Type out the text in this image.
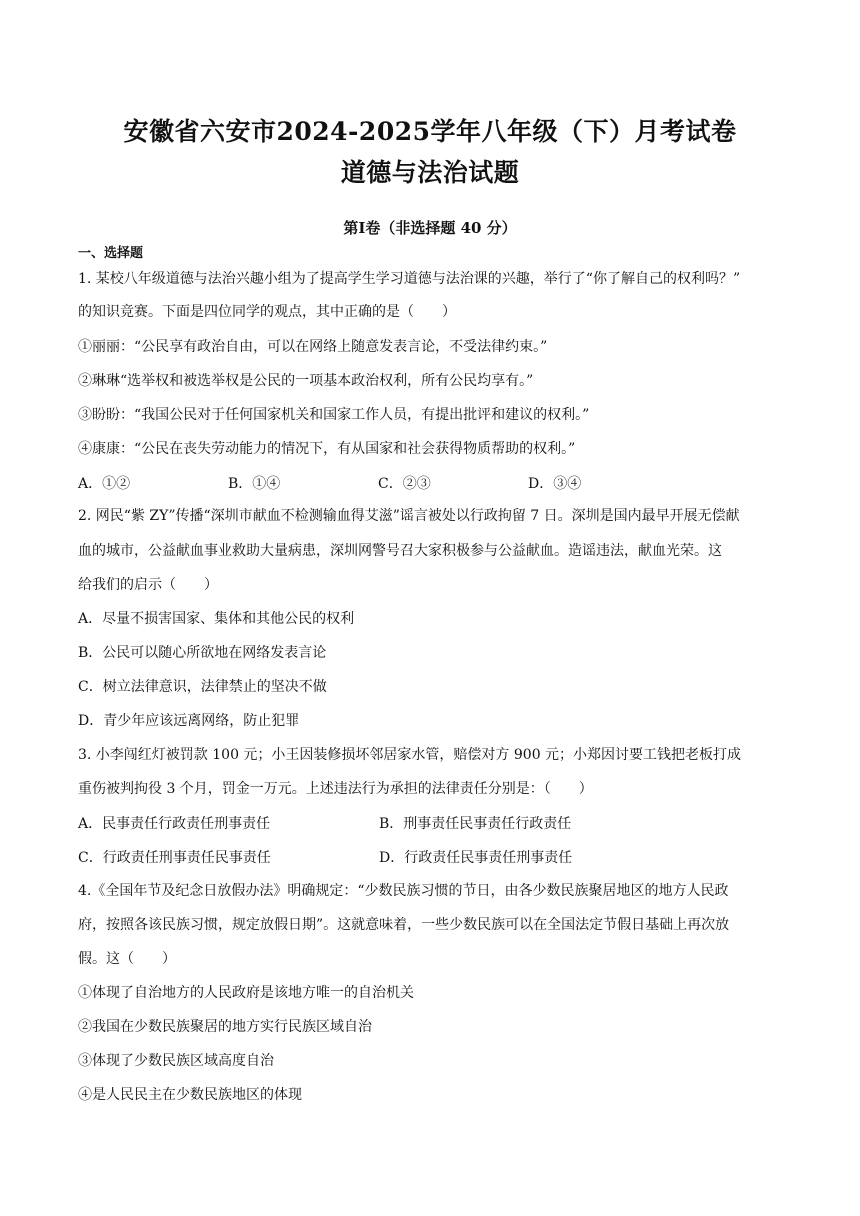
安徽省六安市2024-2025学年八年级（下）月考试卷
道德与法治试题
第Ⅰ卷（非选择题 40 分）
一、选择题
1. 某校八年级道德与法治兴趣小组为了提高学生学习道德与法治课的兴趣，举行了“你了解自己的权利吗？”
的知识竞赛。下面是四位同学的观点，其中正确的是（　　）
①丽丽：“公民享有政治自由，可以在网络上随意发表言论，不受法律约束。”
②琳琳“选举权和被选举权是公民的一项基本政治权利，所有公民均享有。”
③盼盼：“我国公民对于任何国家机关和国家工作人员，有提出批评和建议的权利。”
④康康：“公民在丧失劳动能力的情况下，有从国家和社会获得物质帮助的权利。”
A．①②	B．①④	C．②③	D．③④
2. 网民“紫 ZY”传播“深圳市献血不检测输血得艾滋”谣言被处以行政拘留 7 日。深圳是国内最早开展无偿献
血的城市，公益献血事业救助大量病患，深圳网警号召大家积极参与公益献血。造谣违法，献血光荣。这
给我们的启示（　　）
A．尽量不损害国家、集体和其他公民的权利
B．公民可以随心所欲地在网络发表言论
C．树立法律意识，法律禁止的坚决不做
D．青少年应该远离网络，防止犯罪
3. 小李闯红灯被罚款 100 元；小王因装修损坏邻居家水管，赔偿对方 900 元；小郑因讨要工钱把老板打成
重伤被判拘役 3 个月，罚金一万元。上述违法行为承担的法律责任分别是：（　　）
A．民事责任行政责任刑事责任	B．刑事责任民事责任行政责任
C．行政责任刑事责任民事责任	D．行政责任民事责任刑事责任
4.《全国年节及纪念日放假办法》明确规定：“少数民族习惯的节日，由各少数民族聚居地区的地方人民政
府，按照各该民族习惯，规定放假日期”。这就意味着，一些少数民族可以在全国法定节假日基础上再次放
假。这（　　）
①体现了自治地方的人民政府是该地方唯一的自治机关
②我国在少数民族聚居的地方实行民族区域自治
③体现了少数民族区域高度自治
④是人民民主在少数民族地区的体现
